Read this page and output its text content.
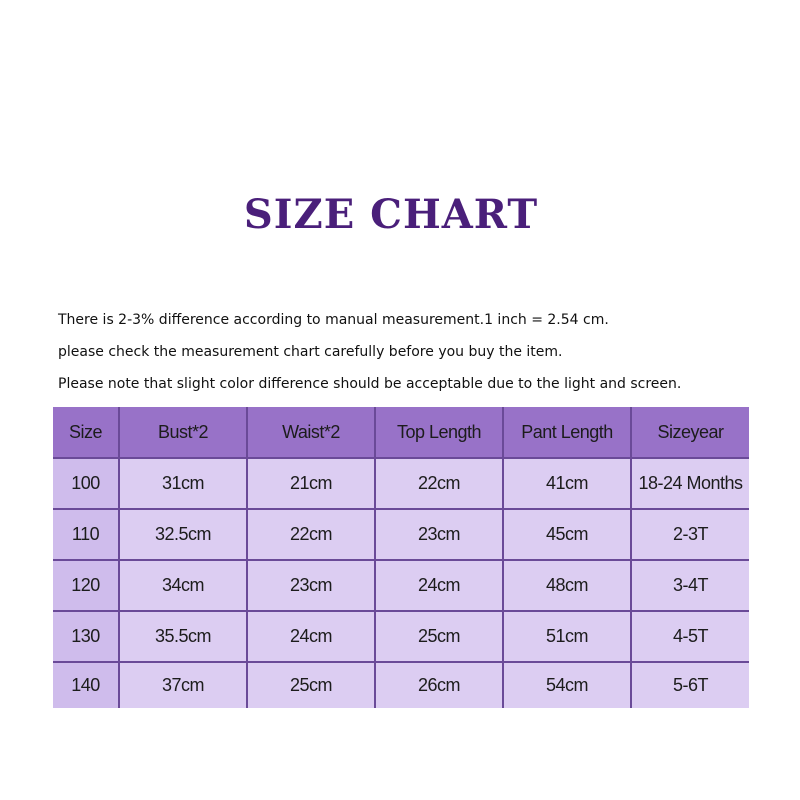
SIZE CHART
There is 2-3% difference according to manual measurement.1 inch = 2.54 cm.
please check the measurement chart carefully before you buy the item.
Please note that slight color difference should be acceptable due to the light and screen.
Size	Bust*2	Waist*2	Top Length	Pant Length	Sizeyear
100	31cm	21cm	22cm	41cm	18-24 Months
110	32.5cm	22cm	23cm	45cm	2-3T
120	34cm	23cm	24cm	48cm	3-4T
130	35.5cm	24cm	25cm	51cm	4-5T
140	37cm	25cm	26cm	54cm	5-6T
